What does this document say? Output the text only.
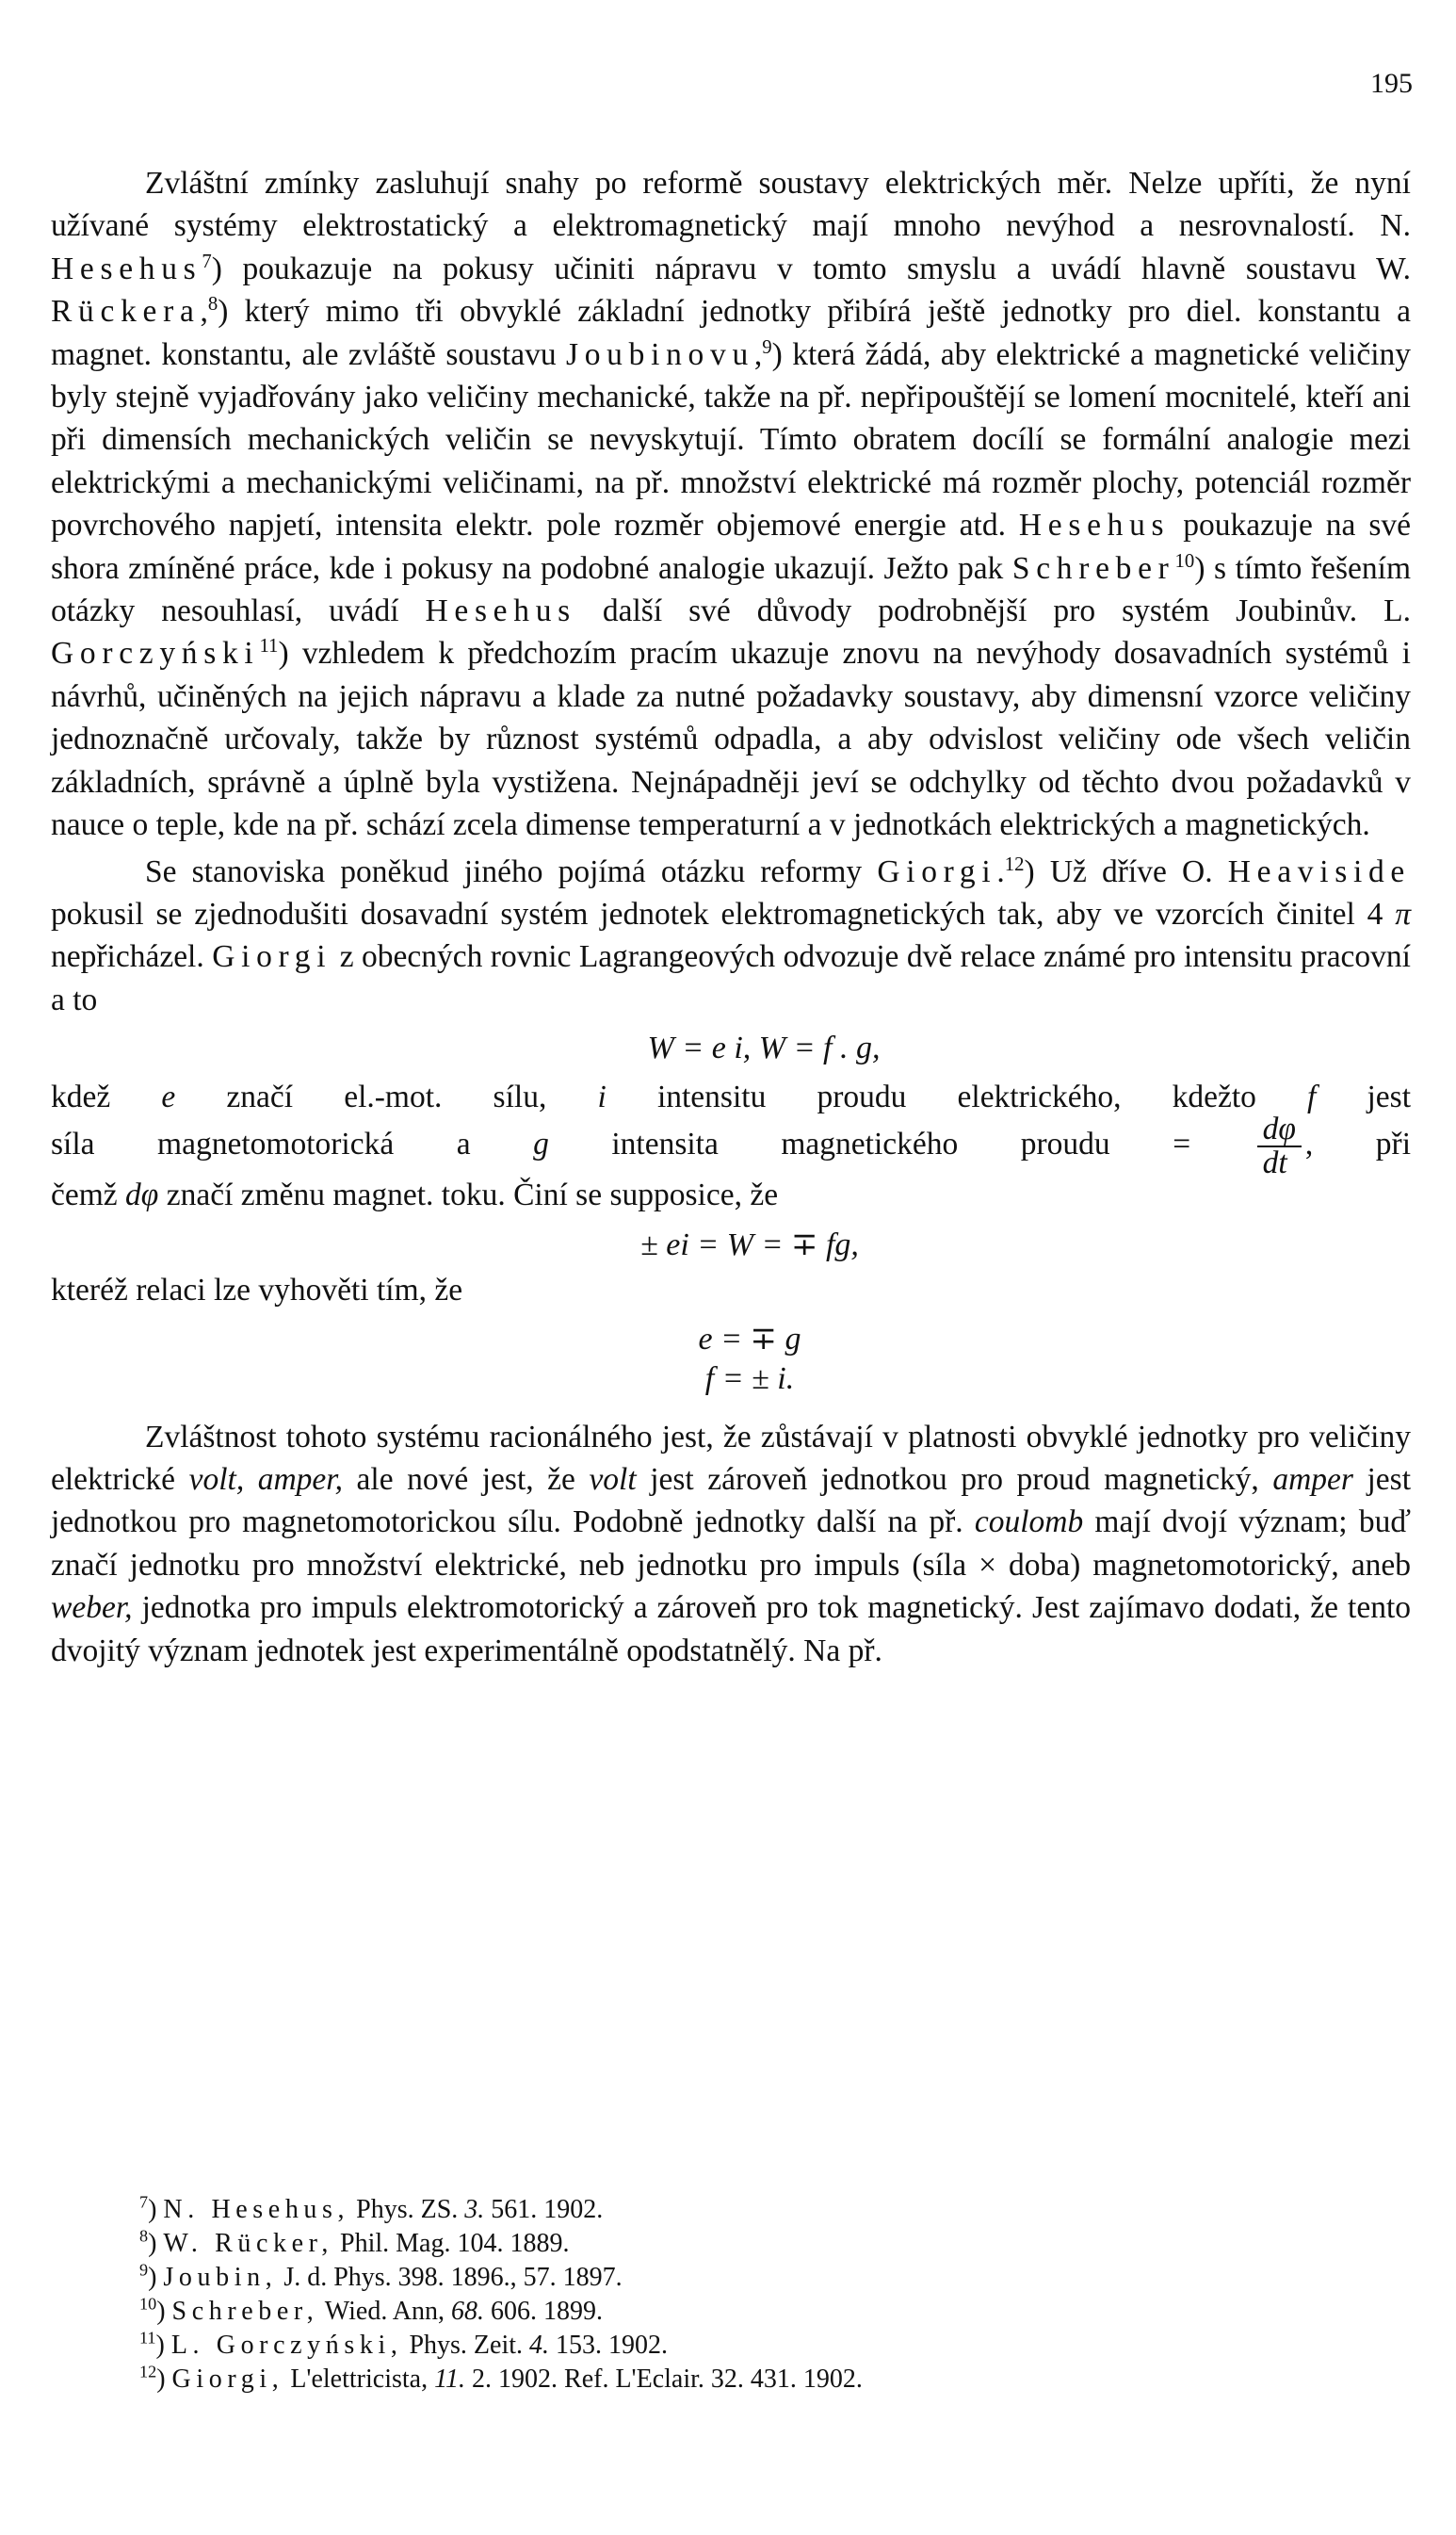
195

Zvláštní zmínky zasluhují snahy po reformě soustavy elektrických měr. Nelze upříti, že nyní užívané systémy elektrostatický a elektromagnetický mají mnoho nevýhod a nesrovnalostí. N. Hesehus$^7$) poukazuje na pokusy učiniti nápravu v tomto smyslu a uvádí hlavně soustavu W. Rückera,$^8$) který mimo tři obvyklé základní jednotky přibírá ještě jednotky pro diel. konstantu a magnet. konstantu, ale zvláště soustavu Joubinovu,$^9$) která žádá, aby elektrické a magnetické veličiny byly stejně vyjadřovány jako veličiny mechanické, takže na př. nepřipouštějí se lomení mocnitelé, kteří ani při dimensích mechanických veličin se nevyskytují. Tímto obratem docílí se formální analogie mezi elektrickými a mechanickými veličinami, na př. množství elektrické má rozměr plochy, potenciál rozměr povrchového napjetí, intensita elektr. pole rozměr objemové energie atd. Hesehus poukazuje na své shora zmíněné práce, kde i pokusy na podobné analogie ukazují. Ježto pak Schreber$^{10}$) s tímto řešením otázky nesouhlasí, uvádí Hesehus další své důvody podrobnější pro systém Joubinův. L. Gorczyński$^{11}$) vzhledem k předchozím pracím ukazuje znovu na nevýhody dosavadních systémů i návrhů, učiněných na jejich nápravu a klade za nutné požadavky soustavy, aby dimensní vzorce veličiny jednoznačně určovaly, takže by různost systémů odpadla, a aby odvislost veličiny ode všech veličin základních, správně a úplně byla vystižena. Nejnápadněji jeví se odchylky od těchto dvou požadavků v nauce o teple, kde na př. schází zcela dimense temperaturní a v jednotkách elektrických a magnetických.

Se stanoviska poněkud jiného pojímá otázku reformy Giorgi.$^{12}$) Už dříve O. Heaviside pokusil se zjednodušiti dosavadní systém jednotek elektromagnetických tak, aby ve vzorcích činitel 4 π nepřicházel. Giorgi z obecných rovnic Lagrangeových odvozuje dvě relace známé pro intensitu pracovní a to

W = e i, W = f . g,

kdež e značí el.-mot. sílu, i intensitu proudu elektrického, kdežto f jest

síla magnetomotorická a g intensita magnetického proudu = $\frac{d\varphi}{dt}$ , při

čemž dφ značí změnu magnet. toku. Činí se supposice, že

± ei = W = ∓ fg,

kteréž relaci lze vyhověti tím, že

e = ∓ g
f = ± i.

Zvláštnost tohoto systému racionálného jest, že zůstávají v platnosti obvyklé jednotky pro veličiny elektrické volt, amper, ale nové jest, že volt jest zároveň jednotkou pro proud magnetický, amper jest jednotkou pro magnetomotorickou sílu. Podobně jednotky další na př. coulomb mají dvojí význam; buď značí jednotku pro množství elektrické, neb jednotku pro impuls (síla × doba) magnetomotorický, aneb weber, jednotka pro impuls elektromotorický a zároveň pro tok magnetický. Jest zajímavo dodati, že tento dvojitý význam jednotek jest experimentálně opodstatnělý. Na př.

$^7$) N. Hesehus, Phys. ZS. 3. 561. 1902.

$^8$) W. Rücker, Phil. Mag. 104. 1889.

$^9$) Joubin, J. d. Phys. 398. 1896., 57. 1897.

$^{10}$) Schreber, Wied. Ann, 68. 606. 1899.

$^{11}$) L. Gorczyński, Phys. Zeit. 4. 153. 1902.

$^{12}$) Giorgi, L'elettricista, 11. 2. 1902. Ref. L'Eclair. 32. 431. 1902.
